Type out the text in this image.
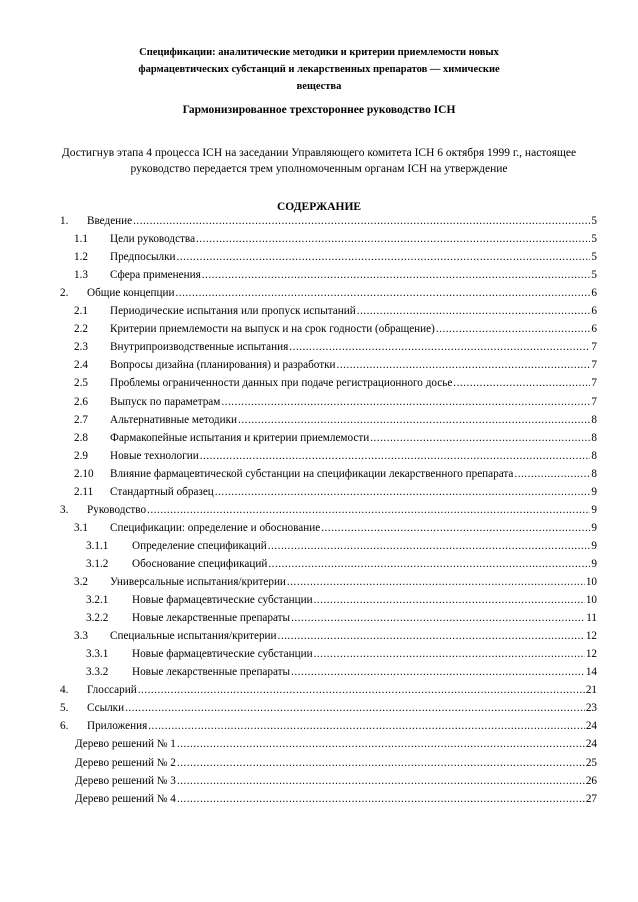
Спецификации: аналитические методики и критерии приемлемости новых
фармацевтических субстанций и лекарственных препаратов — химические
вещества
Гармонизированное трехстороннее руководство ICH
Достигнув этапа 4 процесса ICH на заседании Управляющего комитета ICH 6 октября 1999 г., настоящее руководство передается трем уполномоченным органам ICH на утверждение
СОДЕРЖАНИЕ
1.	Введение .....	5
1.1	Цели руководства .....	5
1.2	Предпосылки .....	5
1.3	Сфера применения .....	5
2.	Общие концепции .....	6
2.1	Периодические испытания или пропуск испытаний .....	6
2.2	Критерии приемлемости на выпуск и на срок годности (обращение) .....	6
2.3	Внутрипроизводственные испытания .....	7
2.4	Вопросы дизайна (планирования) и разработки .....	7
2.5	Проблемы ограниченности данных при подаче регистрационного досье .....	7
2.6	Выпуск по параметрам .....	7
2.7	Альтернативные методики .....	8
2.8	Фармакопейные испытания и критерии приемлемости .....	8
2.9	Новые технологии .....	8
2.10	Влияние фармацевтической субстанции на спецификации лекарственного препарата .....	8
2.11	Стандартный образец .....	9
3.	Руководство .....	9
3.1	Спецификации: определение и обоснование .....	9
3.1.1	Определение спецификаций .....	9
3.1.2	Обоснование спецификаций .....	9
3.2	Универсальные испытания/критерии .....	10
3.2.1	Новые фармацевтические субстанции .....	10
3.2.2	Новые лекарственные препараты .....	11
3.3	Специальные испытания/критерии .....	12
3.3.1	Новые фармацевтические субстанции .....	12
3.3.2	Новые лекарственные препараты .....	14
4.	Глоссарий .....	21
5.	Ссылки .....	23
6.	Приложения .....	24
Дерево решений № 1 .....	24
Дерево решений № 2 .....	25
Дерево решений № 3 .....	26
Дерево решений № 4 .....	27
